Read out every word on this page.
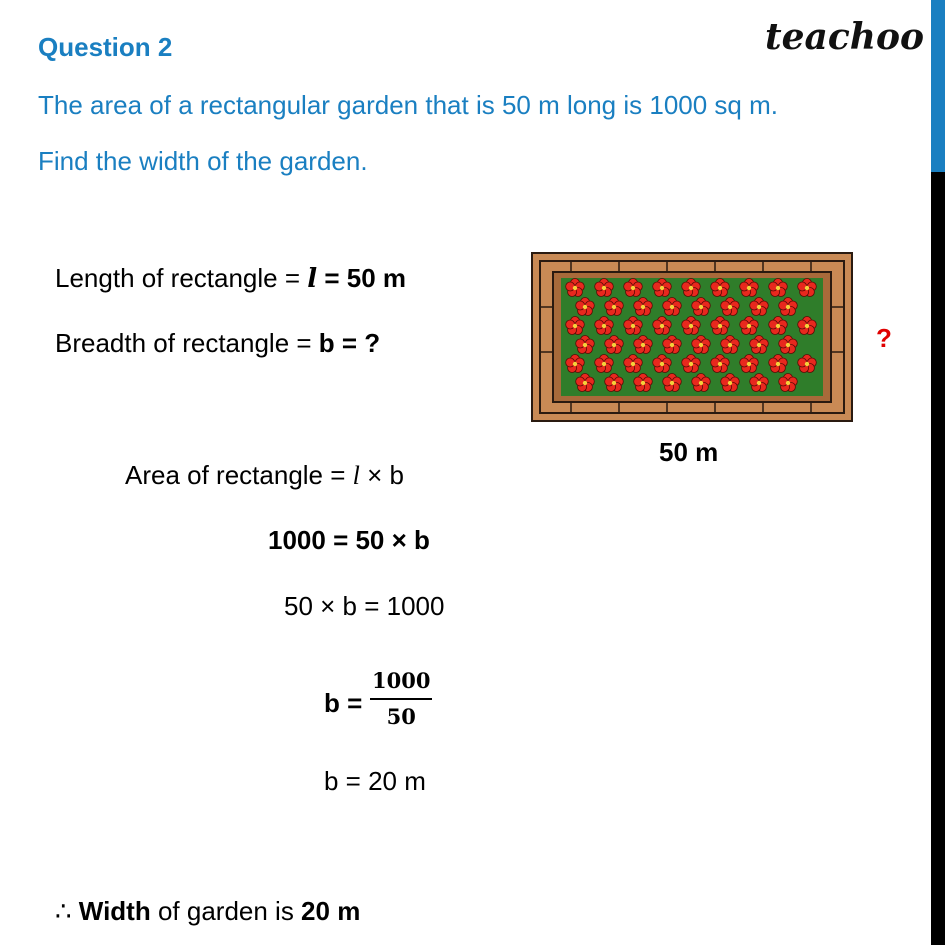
Question 2	teachoo
The area of a rectangular garden that is 50 m long is 1000 sq m.
Find the width of the garden.
Length of rectangle = l = 50 m
Breadth of rectangle = b = ?	?
50 m
Area of rectangle = l × b
1000 = 50 × b
50 × b = 1000
$b = \frac{1000}{50}$
b = 20 m
∴ Width of garden is 20 m
